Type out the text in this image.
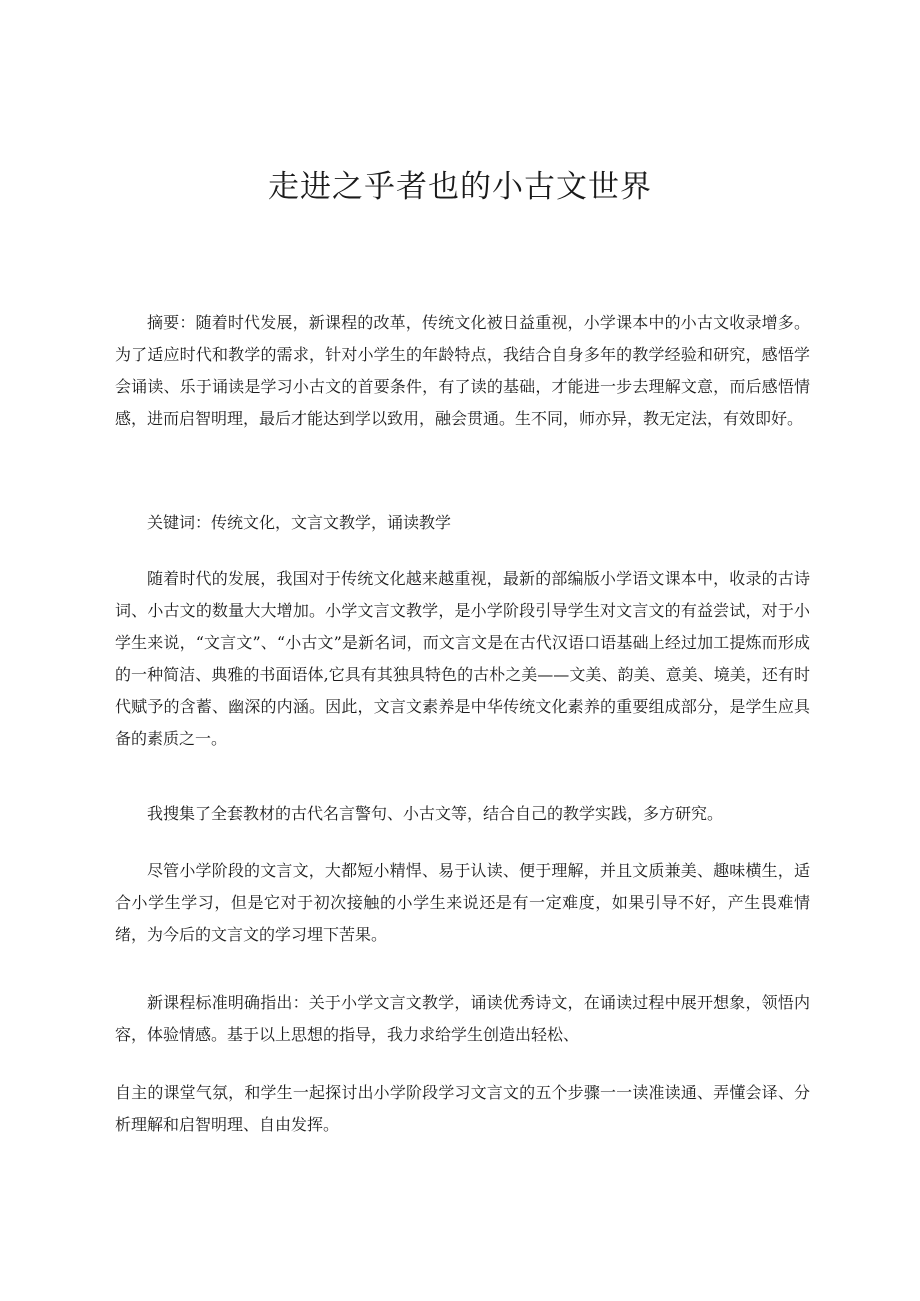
走进之乎者也的小古文世界

摘要：随着时代发展，新课程的改革，传统文化被日益重视，小学课本中的小古文收录增多。为了适应时代和教学的需求，针对小学生的年龄特点，我结合自身多年的教学经验和研究，感悟学会诵读、乐于诵读是学习小古文的首要条件，有了读的基础，才能进一步去理解文意，而后感悟情感，进而启智明理，最后才能达到学以致用，融会贯通。生不同，师亦异，教无定法，有效即好。

关键词：传统文化，文言文教学，诵读教学

随着时代的发展，我国对于传统文化越来越重视，最新的部编版小学语文课本中，收录的古诗词、小古文的数量大大增加。小学文言文教学，是小学阶段引导学生对文言文的有益尝试，对于小学生来说，“文言文”、“小古文”是新名词，而文言文是在古代汉语口语基础上经过加工提炼而形成的一种简洁、典雅的书面语体,它具有其独具特色的古朴之美——文美、韵美、意美、境美，还有时代赋予的含蓄、幽深的内涵。因此，文言文素养是中华传统文化素养的重要组成部分，是学生应具备的素质之一。

我搜集了全套教材的古代名言警句、小古文等，结合自己的教学实践，多方研究。

尽管小学阶段的文言文，大都短小精悍、易于认读、便于理解，并且文质兼美、趣味横生，适合小学生学习，但是它对于初次接触的小学生来说还是有一定难度，如果引导不好，产生畏难情绪，为今后的文言文的学习埋下苦果。

新课程标准明确指出：关于小学文言文教学，诵读优秀诗文，在诵读过程中展开想象，领悟内容，体验情感。基于以上思想的指导，我力求给学生创造出轻松、

自主的课堂气氛，和学生一起探讨出小学阶段学习文言文的五个步骤一一读准读通、弄懂会译、分析理解和启智明理、自由发挥。
